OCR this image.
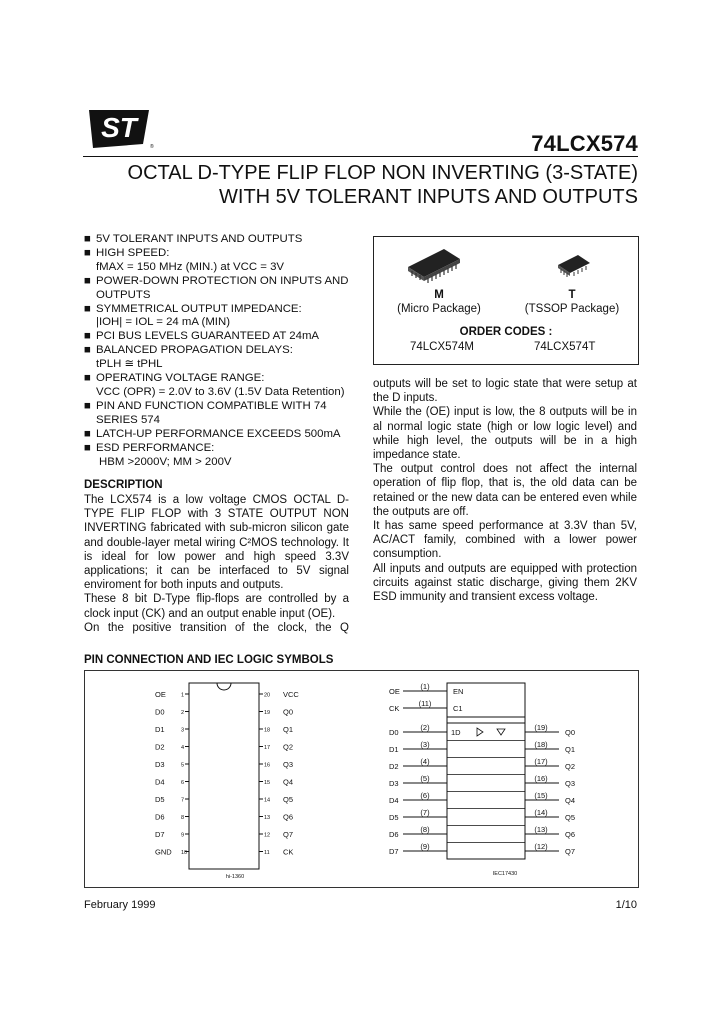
ST
®	74LCX574
OCTAL D-TYPE FLIP FLOP NON INVERTING (3-STATE)
WITH 5V TOLERANT INPUTS AND OUTPUTS
■ 5V TOLERANT INPUTS AND OUTPUTS
■ HIGH SPEED:
fMAX = 150 MHz (MIN.) at VCC = 3V
■ POWER-DOWN PROTECTION ON INPUTS AND OUTPUTS
■ SYMMETRICAL OUTPUT IMPEDANCE:
|IOH| = IOL = 24 mA (MIN)
■ PCI BUS LEVELS GUARANTEED AT 24mA
■ BALANCED PROPAGATION DELAYS:
tPLH ≅ tPHL
■ OPERATING VOLTAGE RANGE:
VCC (OPR) = 2.0V to 3.6V (1.5V Data Retention)
■ PIN AND FUNCTION COMPATIBLE WITH 74 SERIES 574
■ LATCH-UP PERFORMANCE EXCEEDS 500mA
■ ESD PERFORMANCE:
HBM >2000V; MM > 200V
M
(Micro Package)
T
(TSSOP Package)
ORDER CODES :
74LCX574M	74LCX574T
DESCRIPTION
The LCX574 is a low voltage CMOS OCTAL D-TYPE FLIP FLOP with 3 STATE OUTPUT NON INVERTING fabricated with sub-micron silicon gate and double-layer metal wiring C²MOS technology. It is ideal for low power and high speed 3.3V applications; it can be interfaced to 5V signal enviroment for both inputs and outputs.
These 8 bit D-Type flip-flops are controlled by a clock input (CK) and an output enable input (OE).
On the positive transition of the clock, the Q
outputs will be set to logic state that were setup at the D inputs.
While the (OE) input is low, the 8 outputs will be in al normal logic state (high or low logic level) and while high level, the outputs will be in a high impedance state.
The output control does not affect the internal operation of flip flop, that is, the old data can be retained or the new data can be entered even while the outputs are off.
It has same speed performance at 3.3V than 5V, AC/ACT family, combined with a lower power consumption.
All inputs and outputs are equipped with protection circuits against static discharge, giving them 2KV ESD immunity and transient excess voltage.
PIN CONNECTION AND IEC LOGIC SYMBOLS
OE	1
D0	2
D1	3
D2	4
D3	5
D4	6
D5	7
D6	8
D7	9
GND 10
20 VCC
19 Q0
18 Q1
17 Q2
16 Q3
15 Q4
14 Q5
13 Q6
12 Q7
11 CK
hi-1360
OE
(1)
EN
CK
(11)
C1
D0
(2)	(19)
Q0
D1
(3)	(18)
Q1
D2
(4)	(17)
Q2
D3
(5)	(16)
Q3
D4
(6)	(15)
Q4
D5
(7)	(14)
Q5
D6
(8)	(13)
Q6
D7
(9)	(12)
Q7
1D
IEC17430
February 1999	1/10
